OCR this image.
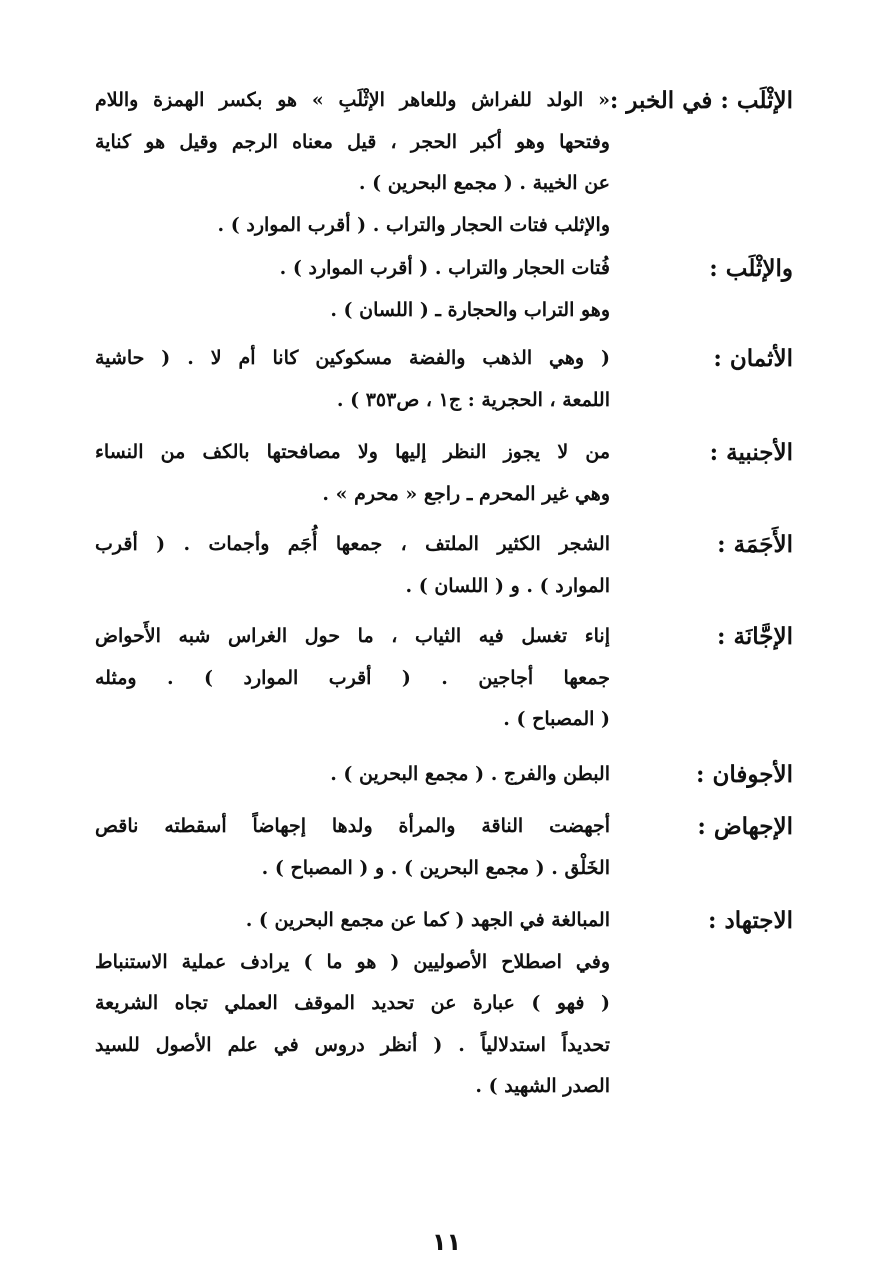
الإثْلَب : في الخبر :
« الولد للفراش وللعاهر الإثْلَبِ » هو بكسر الهمزة واللام
وفتحها وهو أكبر الحجر ، قيل معناه الرجم وقيل هو كناية
عن الخيبة . ( مجمع البحرين ) .
والإثلب فتات الحجار والتراب . ( أقرب الموارد ) .
والإثْلَب :
فُتات الحجار والتراب . ( أقرب الموارد ) .
وهو التراب والحجارة ـ ( اللسان ) .
الأثمان :
( وهي الذهب والفضة مسكوكين كانا أم لا . ( حاشية
اللمعة ، الحجرية : ج١ ، ص٣٥٣ ) .
الأجنبية :
من لا يجوز النظر إليها ولا مصافحتها بالكف من النساء
وهي غير المحرم ـ راجع « محرم » .
الأَجَمَة :
الشجر الكثير الملتف ، جمعها أُجَم وأجمات . ( أقرب
الموارد ) . و ( اللسان ) .
الإجَّانَة :
إناء تغسل فيه الثياب ، ما حول الغراس شبه الأَحواض
جمعها أجاجين . ( أقرب الموارد ) . ومثله
( المصباح ) .
الأجوفان :
البطن والفرج . ( مجمع البحرين ) .
الإجهاض :
أجهضت الناقة والمرأة ولدها إجهاضاً أسقطته ناقص
الخَلْق . ( مجمع البحرين ) . و ( المصباح ) .
الاجتهاد :
المبالغة في الجهد ( كما عن مجمع البحرين ) .
وفي اصطلاح الأصوليين ( هو ما ) يرادف عملية الاستنباط
( فهو ) عبارة عن تحديد الموقف العملي تجاه الشريعة
تحديداً استدلالياً . ( أنظر دروس في علم الأصول للسيد
الصدر الشهيد ) .
١١
